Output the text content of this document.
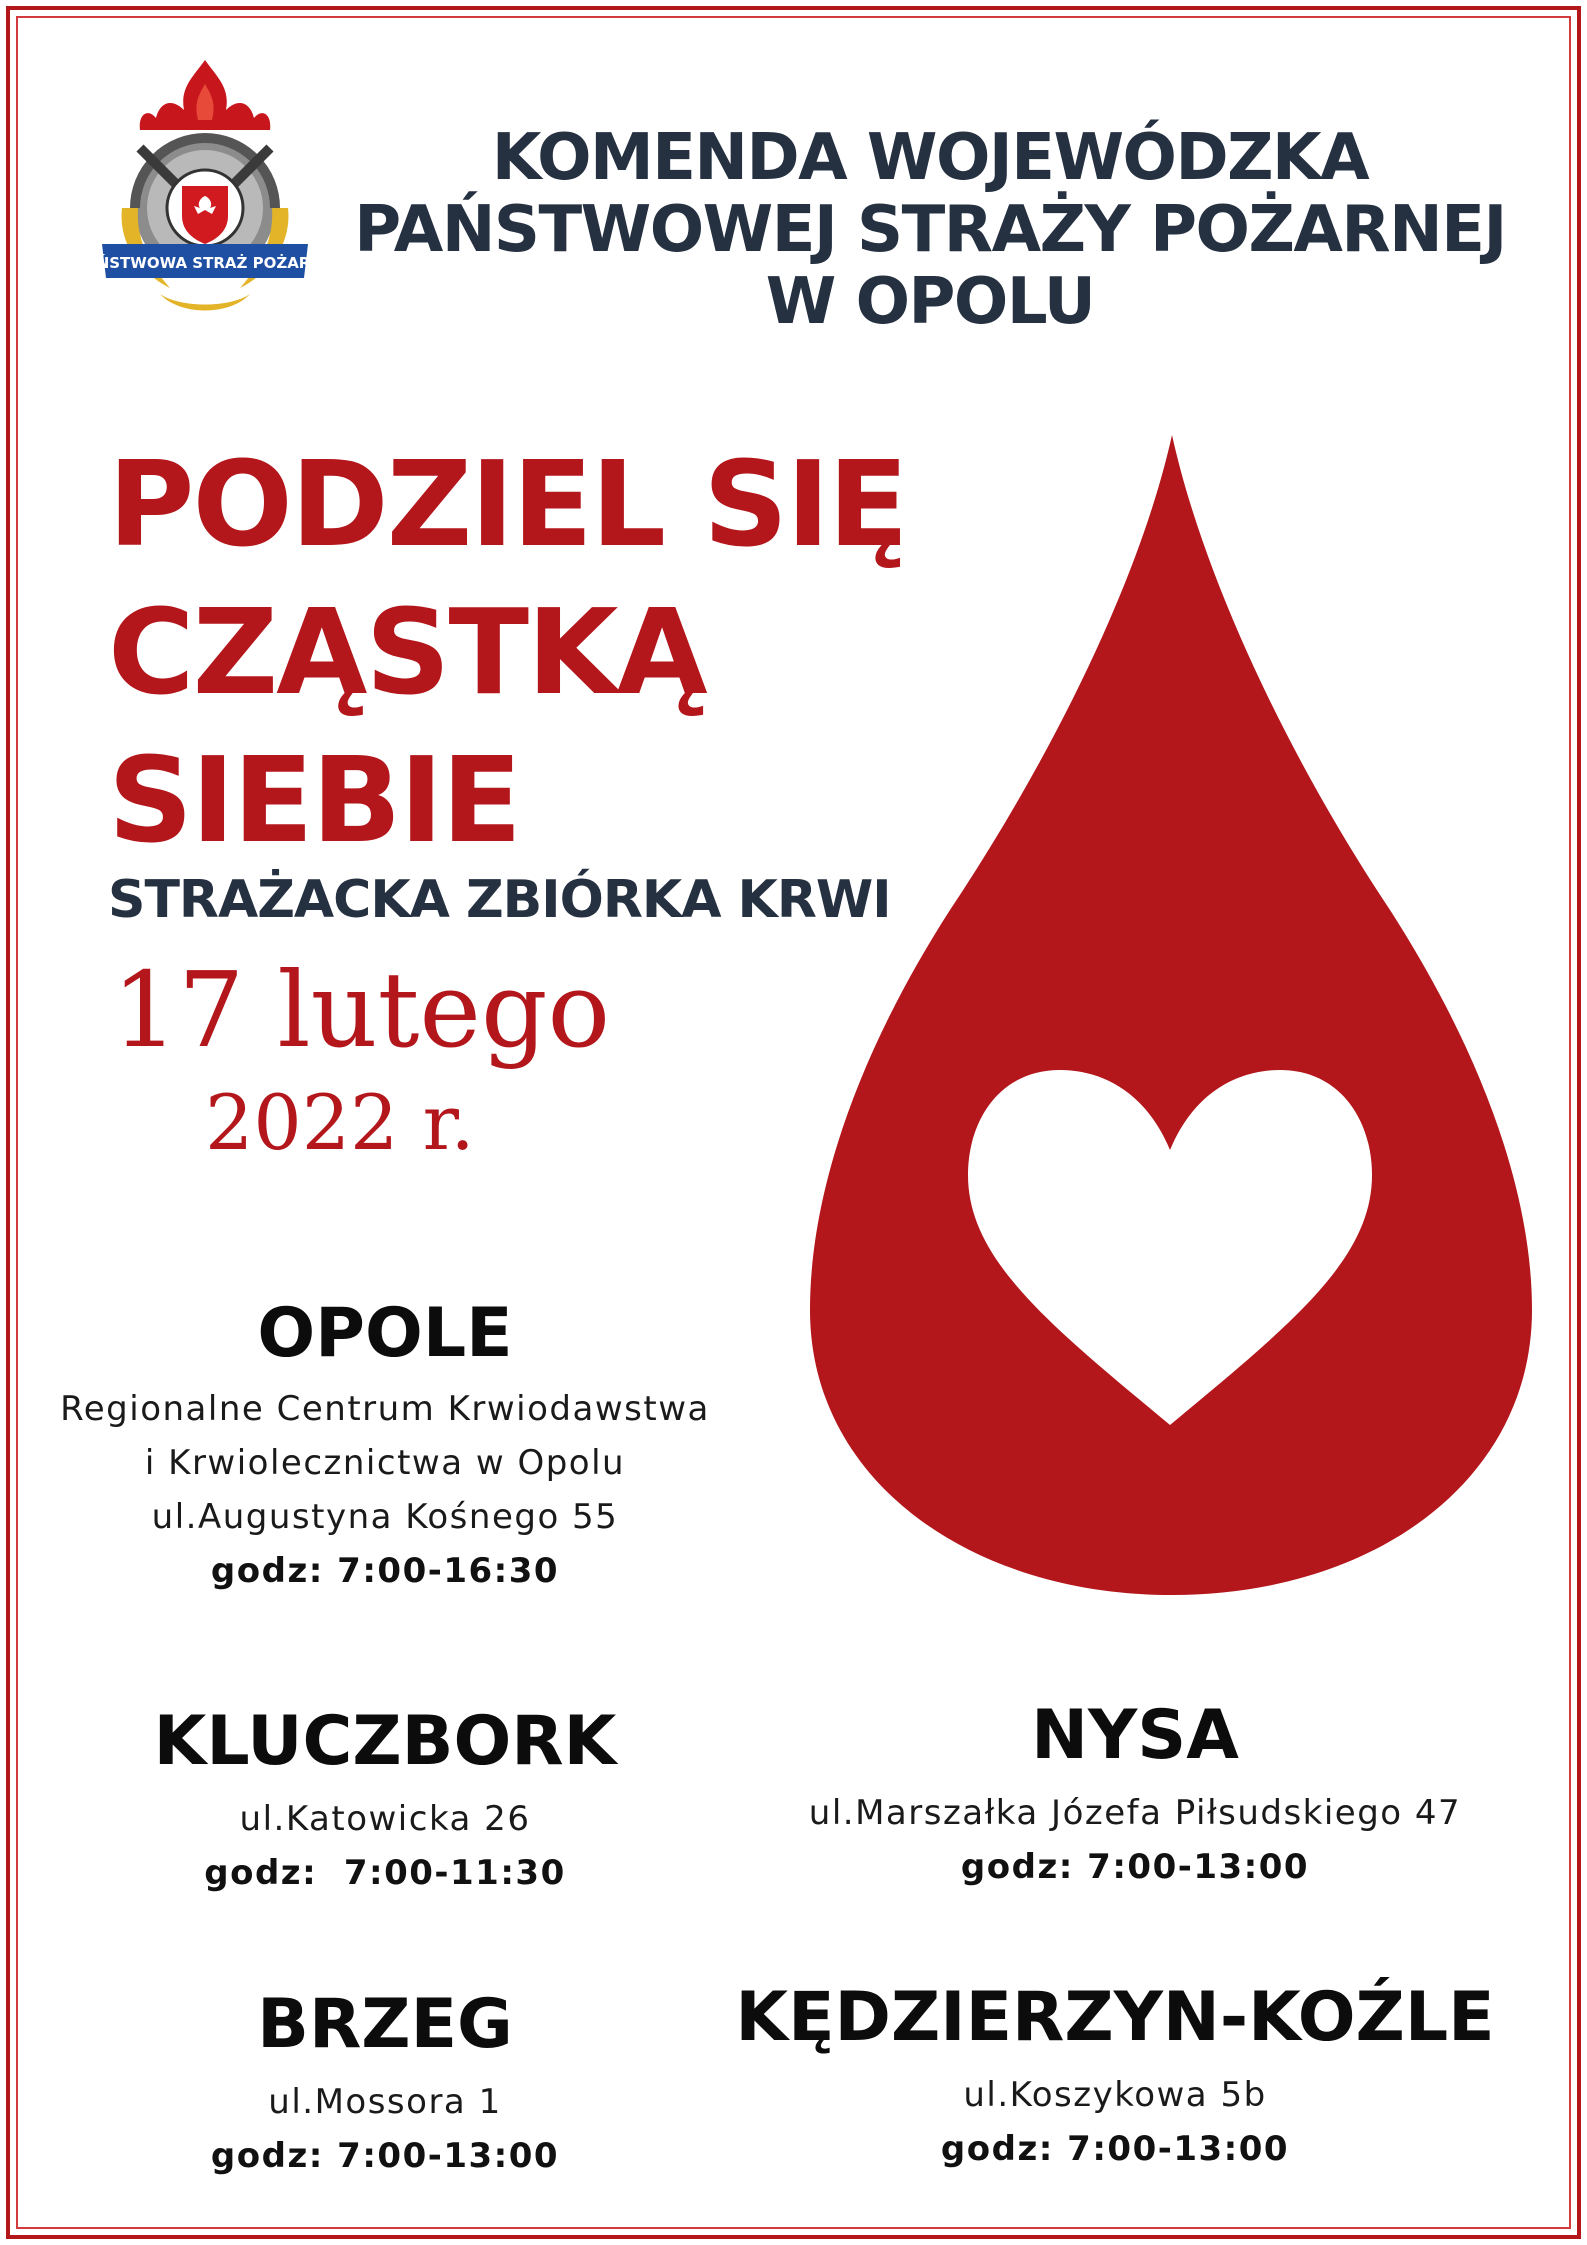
PAŃSTWOWA STRAŻ POŻARNA
KOMENDA WOJEWÓDZKA
PAŃSTWOWEJ STRAŻY POŻARNEJ
W OPOLU
PODZIEL SIĘ
CZĄSTKĄ
SIEBIE
STRAŻACKA ZBIÓRKA KRWI
17 lutego
2022 r.
OPOLE
Regionalne Centrum Krwiodawstwa
i Krwiolecznictwa w Opolu
ul.Augustyna Kośnego 55
godz: 7:00-16:30
KLUCZBORK
ul.Katowicka 26
godz:  7:00-11:30
NYSA
ul.Marszałka Józefa Piłsudskiego 47
godz: 7:00-13:00
BRZEG
ul.Mossora 1
godz: 7:00-13:00
KĘDZIERZYN-KOŹLE
ul.Koszykowa 5b
godz: 7:00-13:00
